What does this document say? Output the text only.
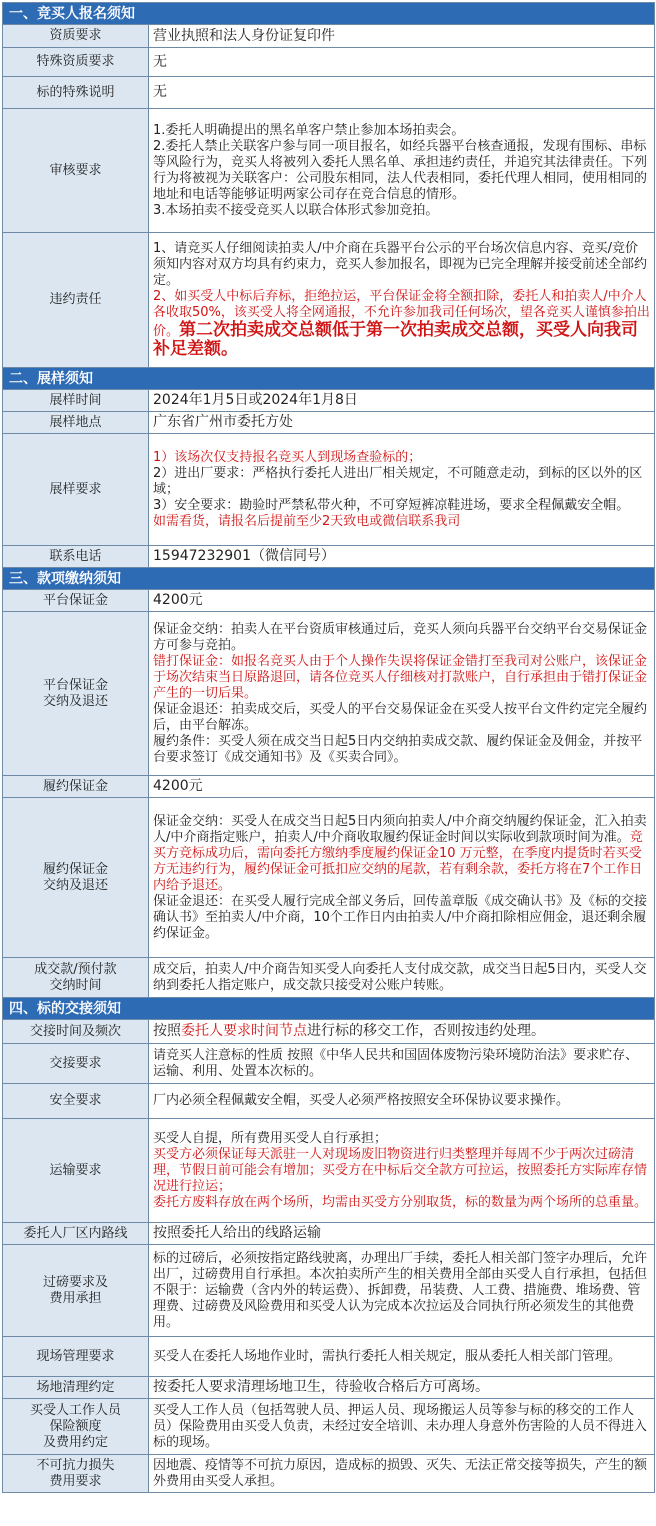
一、竞买人报名须知	
资质要求	营业执照和法人身份证复印件
特殊资质要求	无
标的特殊说明	无
审核要求	1.委托人明确提出的黑名单客户禁止参加本场拍卖会。
2.委托人禁止关联客户参与同一项目报名，如经兵器平台核查通报，发现有围标、串标等风险行为，竞买人将被列入委托人黑名单、承担违约责任，并追究其法律责任。下列行为将被视为关联客户：公司股东相同，法人代表相同，委托代理人相同，使用相同的地址和电话等能够证明两家公司存在竞合信息的情形。
3.本场拍卖不接受竞买人以联合体形式参加竞拍。

违约责任	1、请竞买人仔细阅读拍卖人/中介商在兵器平台公示的平台场次信息内容、竞买/竞价须知内容对双方均具有约束力，竞买人参加报名，即视为已完全理解并接受前述全部约定。
2、如买受人中标后弃标，拒绝拉运，平台保证金将全额扣除，委托人和拍卖人/中介人各收取50%，该买受人将全网通报，不允许参加我司任何场次，望各竞买人谨慎参拍出价。第二次拍卖成交总额低于第一次拍卖成交总额，买受人向我司补足差额。
二、展样须知	
展样时间	2024年1月5日或2024年1月8日
展样地点	广东省广州市委托方处
展样要求	1）该场次仅支持报名竞买人到现场查验标的；
2）进出厂要求：严格执行委托人进出厂相关规定，不可随意走动，到标的区以外的区域；
3）安全要求：勘验时严禁私带火种，不可穿短裤凉鞋进场，要求全程佩戴安全帽。
如需看货，请报名后提前至少2天致电或微信联系我司

联系电话	15947232901（微信同号）
三、款项缴纳须知	
平台保证金	4200元
平台保证金
交纳及退还	保证金交纳：拍卖人在平台资质审核通过后，竞买人须向兵器平台交纳平台交易保证金方可参与竞拍。
错打保证金：如报名竞买人由于个人操作失误将保证金错打至我司对公账户，该保证金于场次结束当日原路退回，请各位竞买人仔细核对打款账户，自行承担由于错打保证金产生的一切后果。
保证金退还：拍卖成交后，买受人的平台交易保证金在买受人按平台文件约定完全履约后，由平台解冻。
履约条件：买受人须在成交当日起5日内交纳拍卖成交款、履约保证金及佣金，并按平台要求签订《成交通知书》及《买卖合同》。

履约保证金	4200元
履约保证金
交纳及退还	保证金交纳：买受人在成交当日起5日内须向拍卖人/中介商交纳履约保证金，汇入拍卖人/中介商指定账户，拍卖人/中介商收取履约保证金时间以实际收到款项时间为准。竞买方竞标成功后，需向委托方缴纳季度履约保证金10 万元整，在季度内提货时若买受方无违约行为，履约保证金可抵扣应交纳的尾款，若有剩余款，委托方将在7个工作日内给予退还。
保证金退还：在买受人履行完成全部义务后，回传盖章版《成交确认书》及《标的交接确认书》至拍卖人/中介商，10个工作日内由拍卖人/中介商扣除相应佣金，退还剩余履约保证金。

成交款/预付款
交纳时间	成交后，拍卖人/中介商告知买受人向委托人支付成交款，成交当日起5日内，买受人交纳到委托人指定账户，成交款只接受对公账户转账。
四、标的交接须知	
交接时间及频次	按照委托人要求时间节点进行标的移交工作，否则按违约处理。
交接要求	请竞买人注意标的性质 按照《中华人民共和国固体废物污染环境防治法》要求贮存、运输、利用、处置本次标的。
安全要求	厂内必须全程佩戴安全帽，买受人必须严格按照安全环保协议要求操作。
运输要求	买受人自提，所有费用买受人自行承担；
买受方必须保证每天派驻一人对现场废旧物资进行归类整理并每周不少于两次过磅清理，节假日前可能会有增加；买受方在中标后交全款方可拉运，按照委托方实际库存情况进行拉运；
委托方废料存放在两个场所，均需由买受方分别取货，标的数量为两个场所的总重量。

委托人厂区内路线	按照委托人给出的线路运输
过磅要求及
费用承担	标的过磅后，必须按指定路线驶离，办理出厂手续，委托人相关部门签字办理后，允许出厂，过磅费用自行承担。本次拍卖所产生的相关费用全部由买受人自行承担，包括但不限于：运输费（含内外的转运费）、拆卸费，吊装费、人工费、措施费、堆场费、管理费、过磅费及风险费用和买受人认为完成本次拉运及合同执行所必须发生的其他费用。
现场管理要求	买受人在委托人场地作业时，需执行委托人相关规定，服从委托人相关部门管理。
场地清理约定	按委托人要求清理场地卫生，待验收合格后方可离场。
买受人工作人员
保险额度
及费用约定	买受人工作人员（包括驾驶人员、押运人员、现场搬运人员等参与标的移交的工作人员）保险费用由买受人负责，未经过安全培训、未办理人身意外伤害险的人员不得进入标的现场。
不可抗力损失
费用要求	因地震、疫情等不可抗力原因，造成标的损毁、灭失、无法正常交接等损失，产生的额外费用由买受人承担。
